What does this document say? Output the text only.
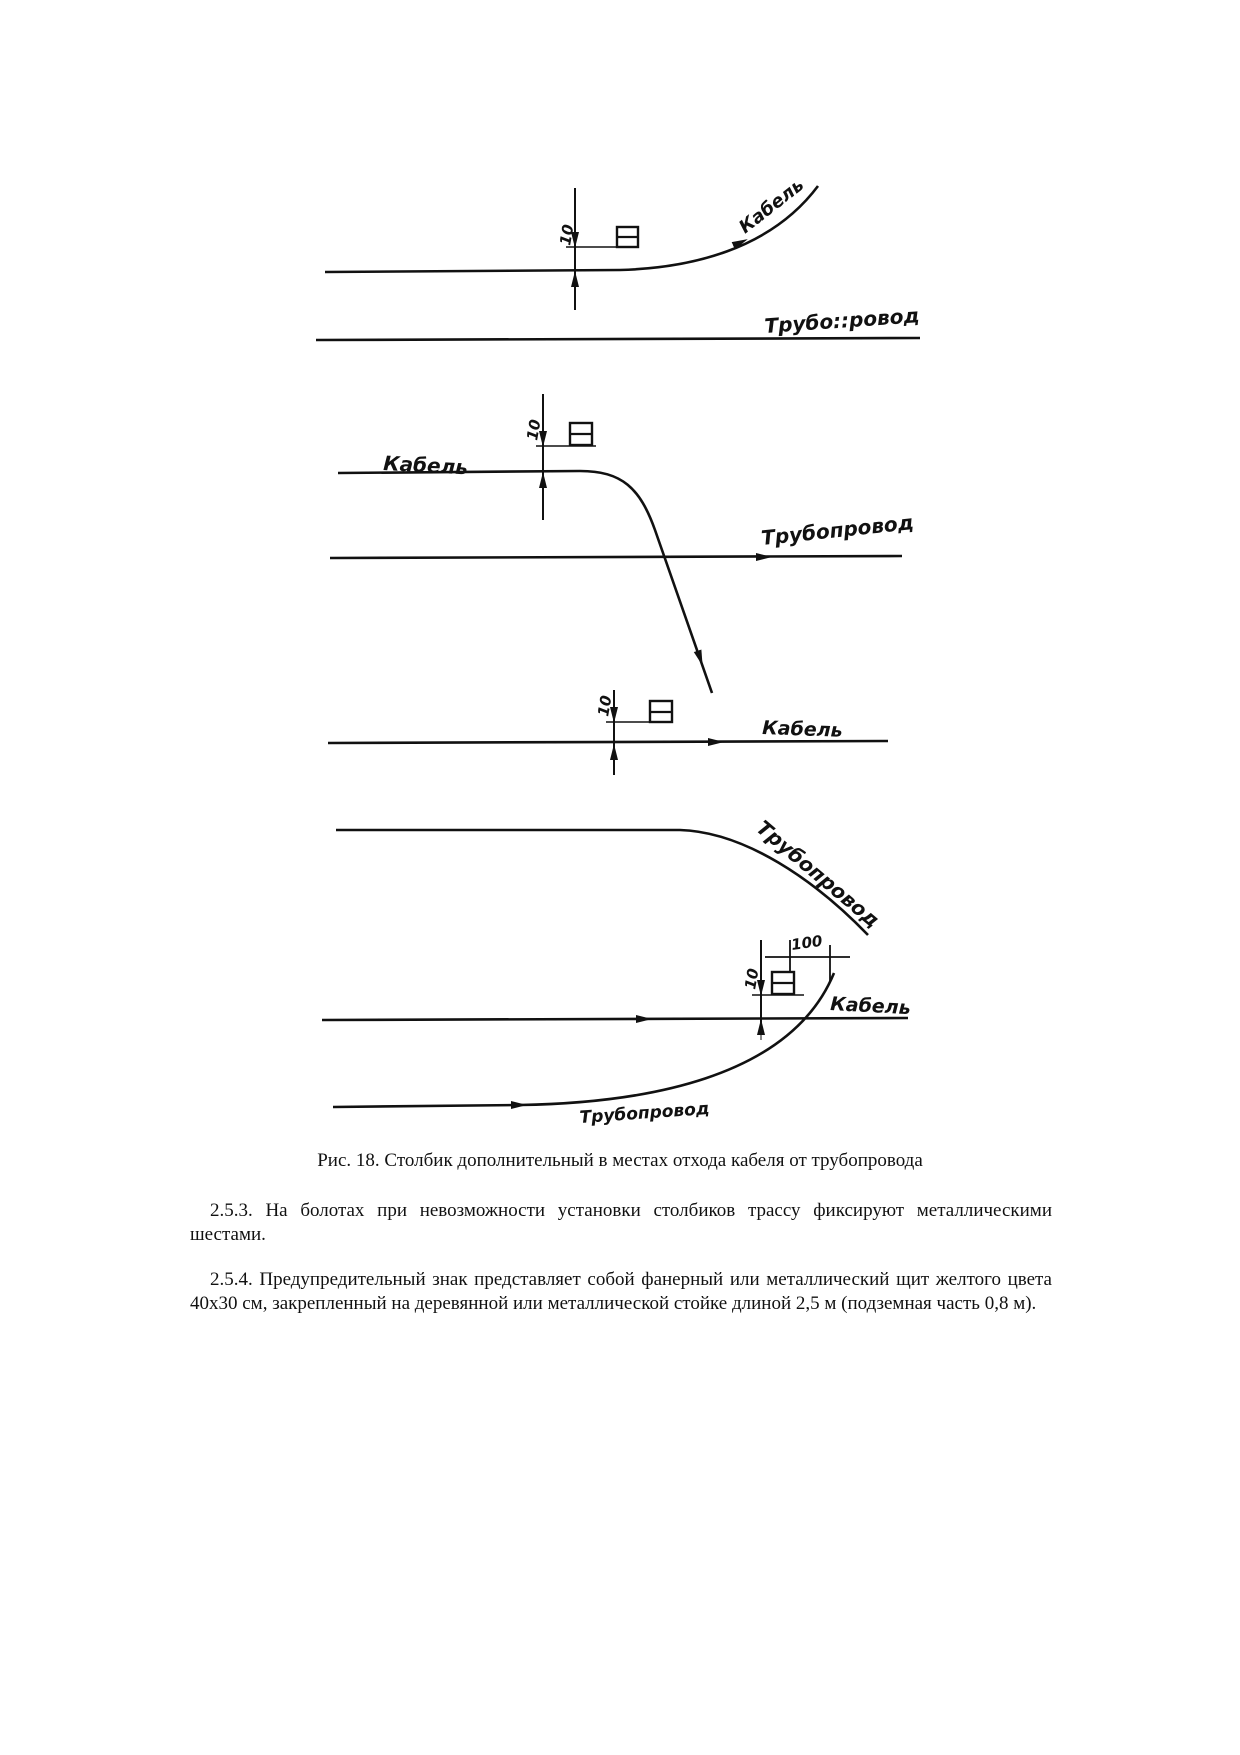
10	Кабель
Трубо::ровод
10
Кабель
Трубопровод
10
Кабель
Трубопровод
100
10
Кабель
Трубопровод
Рис. 18. Столбик дополнительный в местах отхода кабеля от трубопровода
2.5.3. На болотах при невозможности установки столбиков трассу фиксируют металлическими шестами.
2.5.4. Предупредительный знак представляет собой фанерный или металлический щит желтого цвета 40х30 см, закрепленный на деревянной или металлической стойке длиной 2,5 м (подземная часть 0,8 м).
